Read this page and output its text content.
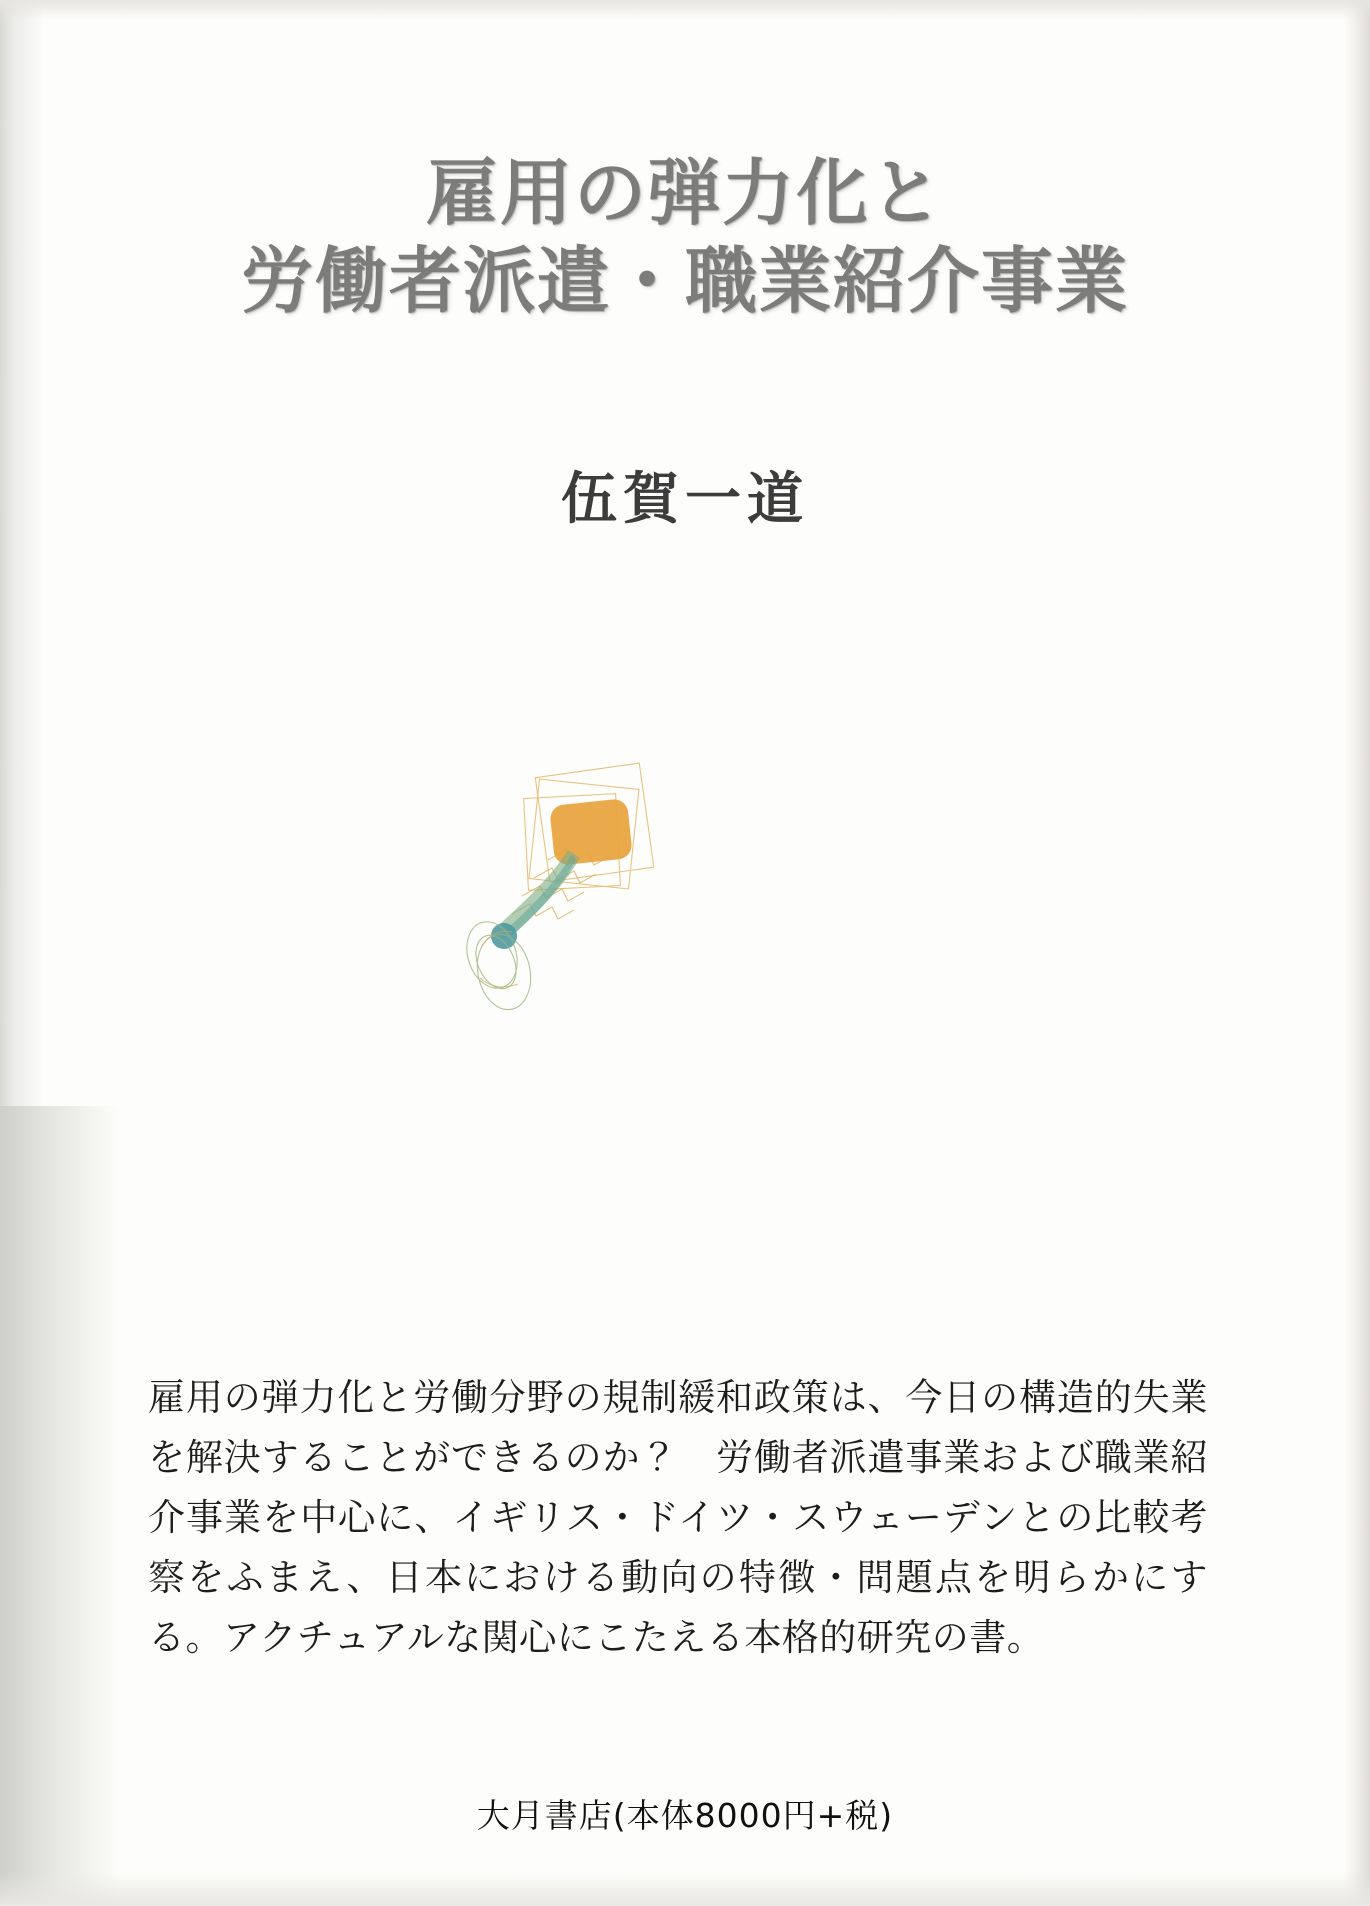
雇用の弾力化と
労働者派遣・職業紹介事業
伍賀一道

雇用の弾力化と労働分野の規制緩和政策は、今日の構造的失業を解決することができるのか？　労働者派遣事業および職業紹介事業を中心に、イギリス・ドイツ・スウェーデンとの比較考察をふまえ、日本における動向の特徴・問題点を明らかにする。アクチュアルな関心にこたえる本格的研究の書。

大月書店(本体8000円+税)
